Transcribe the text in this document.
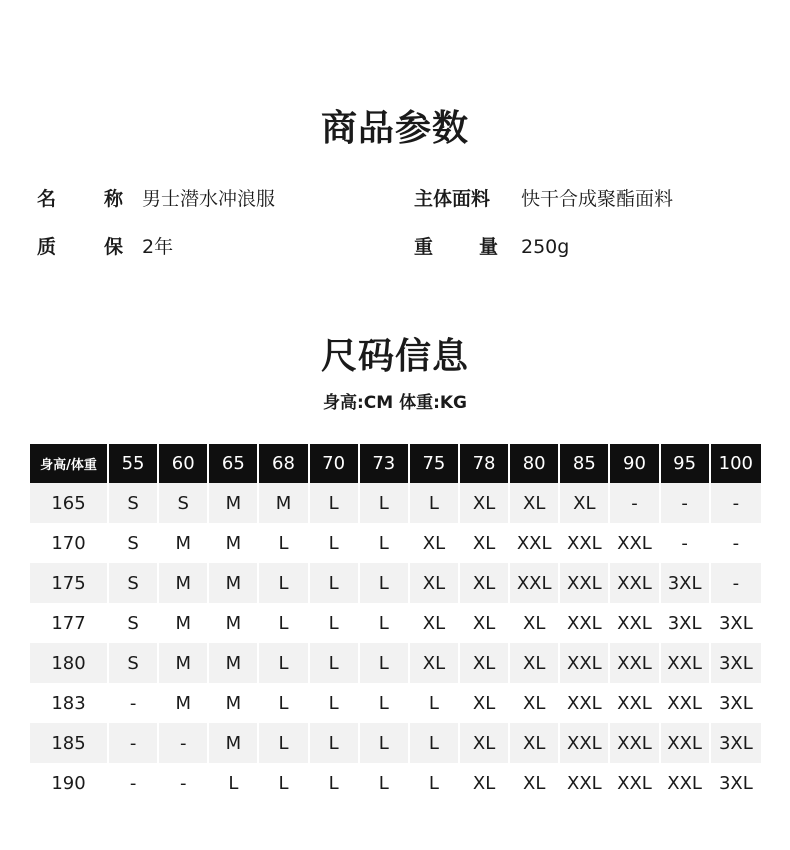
商品参数
名	称 男士潜水冲浪服	主体面料 快干合成聚酯面料
质	保 2年	重 量 250g
尺码信息
身高:CM 体重:KG
身高/体重	55	60	65	68	70	73	75	78	80	85	90	95	100
165	S	S	M	M	L	L	L	XL	XL	XL	-	-	-
170	S	M	M	L	L	L	XL	XL	XXL	XXL	XXL	-	-
175	S	M	M	L	L	L	XL	XL	XXL	XXL	XXL	3XL	-
177	S	M	M	L	L	L	XL	XL	XL	XXL	XXL	3XL	3XL
180	S	M	M	L	L	L	XL	XL	XL	XXL	XXL	XXL	3XL
183	-	M	M	L	L	L	L	XL	XL	XXL	XXL	XXL	3XL
185	-	-	M	L	L	L	L	XL	XL	XXL	XXL	XXL	3XL
190	-	-	L	L	L	L	L	XL	XL	XXL	XXL	XXL	3XL
